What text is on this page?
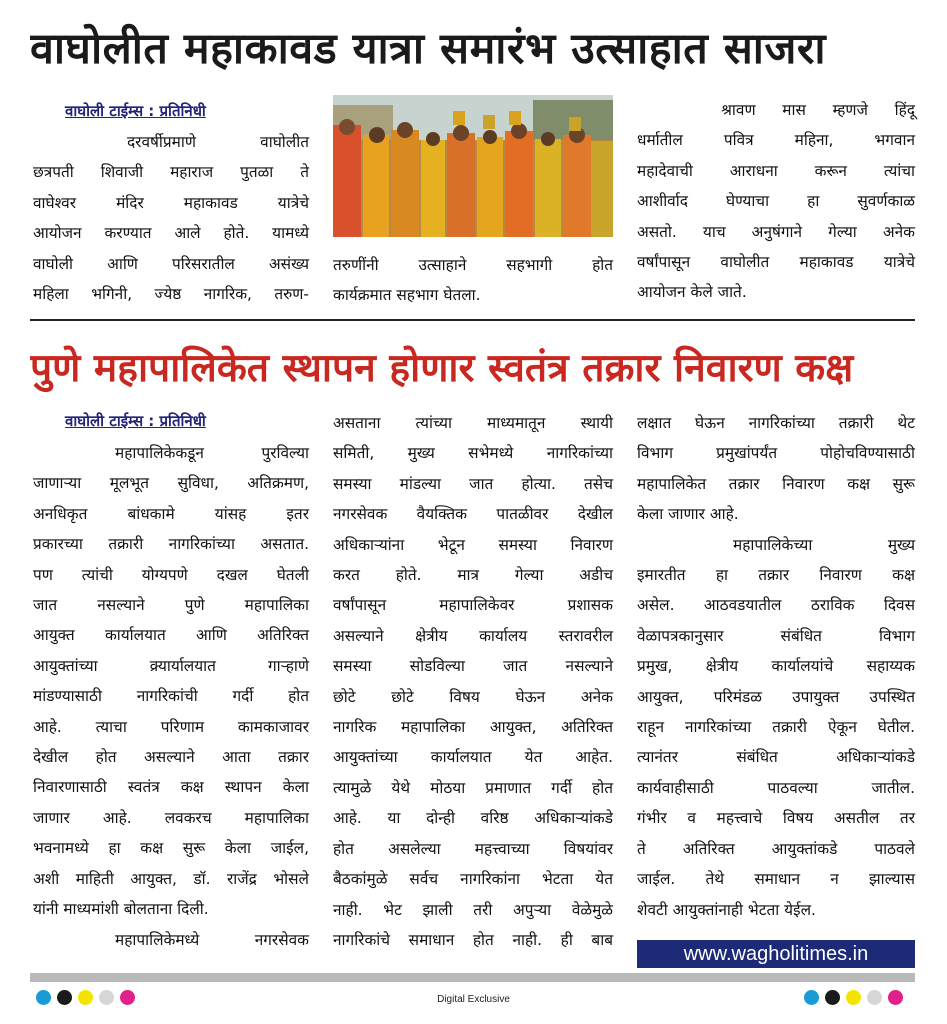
वाघोलीत महाकावड यात्रा समारंभ उत्साहात साजरा
वाघोली टाईम्स : प्रतिनिधी

दरवर्षीप्रमाणे वाघोलीत

छत्रपती शिवाजी महाराज पुतळा ते

वाघेश्वर मंदिर महाकावड यात्रेचे

आयोजन करण्यात आले होते. यामध्ये

वाघोली आणि परिसरातील असंख्य

महिला भगिनी, ज्येष्ठ नागरिक, तरुण-

तरुणींनी उत्साहाने सहभागी होत

कार्यक्रमात सहभाग घेतला.

श्रावण मास म्हणजे हिंदू

धर्मातील पवित्र महिना, भगवान

महादेवाची आराधना करून त्यांचा

आशीर्वाद घेण्याचा हा सुवर्णकाळ

असतो. याच अनुषंगाने गेल्या अनेक

वर्षांपासून वाघोलीत महाकावड यात्रेचे

आयोजन केले जाते.

पुणे महापालिकेत स्थापन होणार स्वतंत्र तक्रार निवारण कक्ष
वाघोली टाईम्स : प्रतिनिधी

महापालिकेकडून पुरविल्या

जाणाऱ्या मूलभूत सुविधा, अतिक्रमण,

अनधिकृत बांधकामे यांसह इतर

प्रकारच्या तक्रारी नागरिकांच्या असतात.

पण त्यांची योग्यपणे दखल घेतली

जात नसल्याने पुणे महापालिका

आयुक्त कार्यालयात आणि अतिरिक्त

आयुक्तांच्या क्र्यार्यालयात गाऱ्हाणे

मांडण्यासाठी नागरिकांची गर्दी होत

आहे. त्याचा परिणाम कामकाजावर

देखील होत असल्याने आता तक्रार

निवारणासाठी स्वतंत्र कक्ष स्थापन केला

जाणार आहे. लवकरच महापालिका

भवनामध्ये हा कक्ष सुरू केला जाईल,

अशी माहिती आयुक्त, डॉ. राजेंद्र भोसले

यांनी माध्यमांशी बोलताना दिली.

महापालिकेमध्ये नगरसेवक

असताना त्यांच्या माध्यमातून स्थायी

समिती, मुख्य सभेमध्ये नागरिकांच्या

समस्या मांडल्या जात होत्या. तसेच

नगरसेवक वैयक्तिक पातळीवर देखील

अधिकाऱ्यांना भेटून समस्या निवारण

करत होते. मात्र गेल्या अडीच

वर्षांपासून महापालिकेवर प्रशासक

असल्याने क्षेत्रीय कार्यालय स्तरावरील

समस्या सोडविल्या जात नसल्याने

छोटे छोटे विषय घेऊन अनेक

नागरिक महापालिका आयुक्त, अतिरिक्त

आयुक्तांच्या कार्यालयात येत आहेत.

त्यामुळे येथे मोठया प्रमाणात गर्दी होत

आहे. या दोन्ही वरिष्ठ अधिकाऱ्यांकडे

होत असलेल्या महत्त्वाच्या विषयांवर

बैठकांमुळे सर्वच नागरिकांना भेटता येत

नाही. भेट झाली तरी अपुऱ्या वेळेमुळे

नागरिकांचे समाधान होत नाही. ही बाब

लक्षात घेऊन नागरिकांच्या तक्रारी थेट

विभाग प्रमुखांपर्यंत पोहोचविण्यासाठी

महापालिकेत तक्रार निवारण कक्ष सुरू

केला जाणार आहे.

महापालिकेच्या मुख्य

इमारतीत हा तक्रार निवारण कक्ष

असेल. आठवडयातील ठराविक दिवस

वेळापत्रकानुसार संबंधित विभाग

प्रमुख, क्षेत्रीय कार्यालयांचे सहाय्यक

आयुक्त, परिमंडळ उपायुक्त उपस्थित

राहून नागरिकांच्या तक्रारी ऐकून घेतील.

त्यानंतर संबंधित अधिकाऱ्यांकडे

कार्यवाहीसाठी पाठवल्या जातील.

गंभीर व महत्त्वाचे विषय असतील तर

ते अतिरिक्त आयुक्तांकडे पाठवले

जाईल. तेथे समाधान न झाल्यास

शेवटी आयुक्तांनाही भेटता येईल.

www.wagholitimes.in
Digital Exclusive
